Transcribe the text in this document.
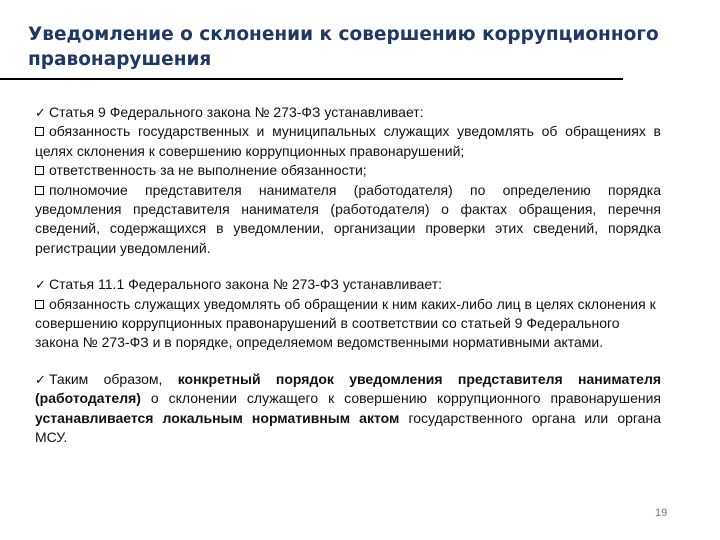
Уведомление о склонении к совершению коррупционного правонарушения

✓ Статья 9 Федерального закона № 273-ФЗ устанавливает:

обязанность государственных и муниципальных служащих уведомлять об обращениях в целях склонения к совершению коррупционных правонарушений;

ответственность за не выполнение обязанности;

полномочие представителя нанимателя (работодателя) по определению порядка уведомления представителя нанимателя (работодателя) о фактах обращения, перечня сведений, содержащихся в уведомлении, организации проверки этих сведений, порядка регистрации уведомлений.

✓ Статья 11.1 Федерального закона № 273-ФЗ устанавливает:

обязанность служащих уведомлять об обращении к ним каких-либо лиц в целях склонения к совершению коррупционных правонарушений в соответствии со статьей 9 Федерального закона № 273-ФЗ и в порядке, определяемом ведомственными нормативными актами.

✓ Таким образом, конкретный порядок уведомления представителя нанимателя (работодателя) о склонении служащего к совершению коррупционного правонарушения устанавливается локальным нормативным актом государственного органа или органа МСУ.

19
